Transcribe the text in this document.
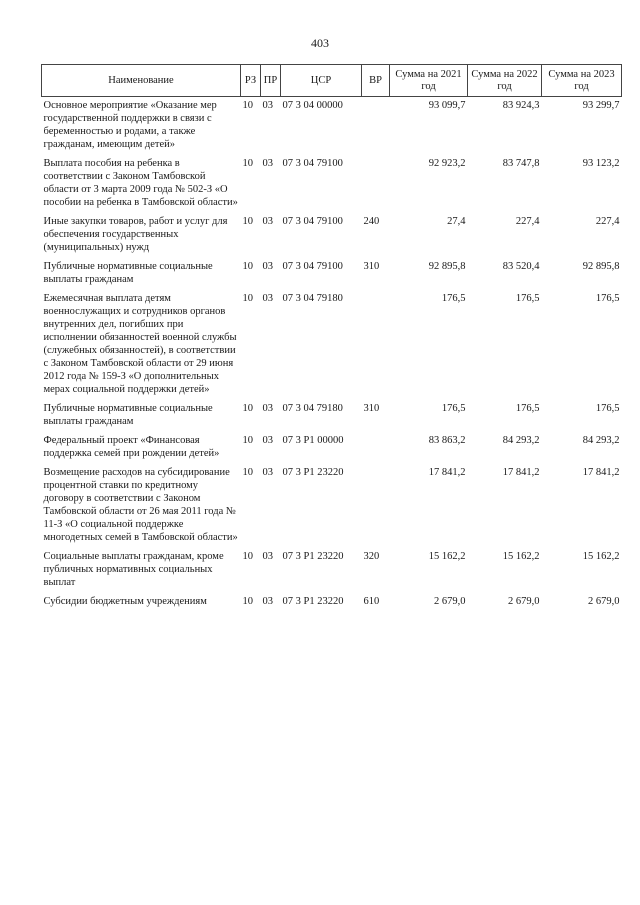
403
Наименование	РЗ	ПР	ЦСР	ВР	Сумма на 2021 год	Сумма на 2022 год	Сумма на 2023 год
Основное мероприятие «Оказание мер государственной поддержки в связи с беременностью и родами, а также гражданам, имеющим детей»	10	03	07 3 04 00000		93 099,7	83 924,3	93 299,7
Выплата пособия на ребенка в соответствии с Законом Тамбовской области от 3 марта 2009 года № 502-З «О пособии на ребенка в Тамбовской области»	10	03	07 3 04 79100		92 923,2	83 747,8	93 123,2
Иные закупки товаров, работ и услуг для обеспечения государственных (муниципальных) нужд	10	03	07 3 04 79100	240	27,4	227,4	227,4
Публичные нормативные социальные выплаты гражданам	10	03	07 3 04 79100	310	92 895,8	83 520,4	92 895,8
Ежемесячная выплата детям военнослужащих и сотрудников органов внутренних дел, погибших при исполнении обязанностей военной службы (служебных обязанностей), в соответствии с Законом Тамбовской области от 29 июня 2012 года № 159-З «О дополнительных мерах социальной поддержки детей»	10	03	07 3 04 79180		176,5	176,5	176,5
Публичные нормативные социальные выплаты гражданам	10	03	07 3 04 79180	310	176,5	176,5	176,5
Федеральный проект «Финансовая поддержка семей при рождении детей»	10	03	07 3 P1 00000		83 863,2	84 293,2	84 293,2
Возмещение расходов на субсидирование процентной ставки по кредитному договору в соответствии с Законом Тамбовской области от 26 мая 2011 года № 11-З «О социальной поддержке многодетных семей в Тамбовской области»	10	03	07 3 P1 23220		17 841,2	17 841,2	17 841,2
Социальные выплаты гражданам, кроме публичных нормативных социальных выплат	10	03	07 3 P1 23220	320	15 162,2	15 162,2	15 162,2
Субсидии бюджетным учреждениям	10	03	07 3 P1 23220	610	2 679,0	2 679,0	2 679,0
